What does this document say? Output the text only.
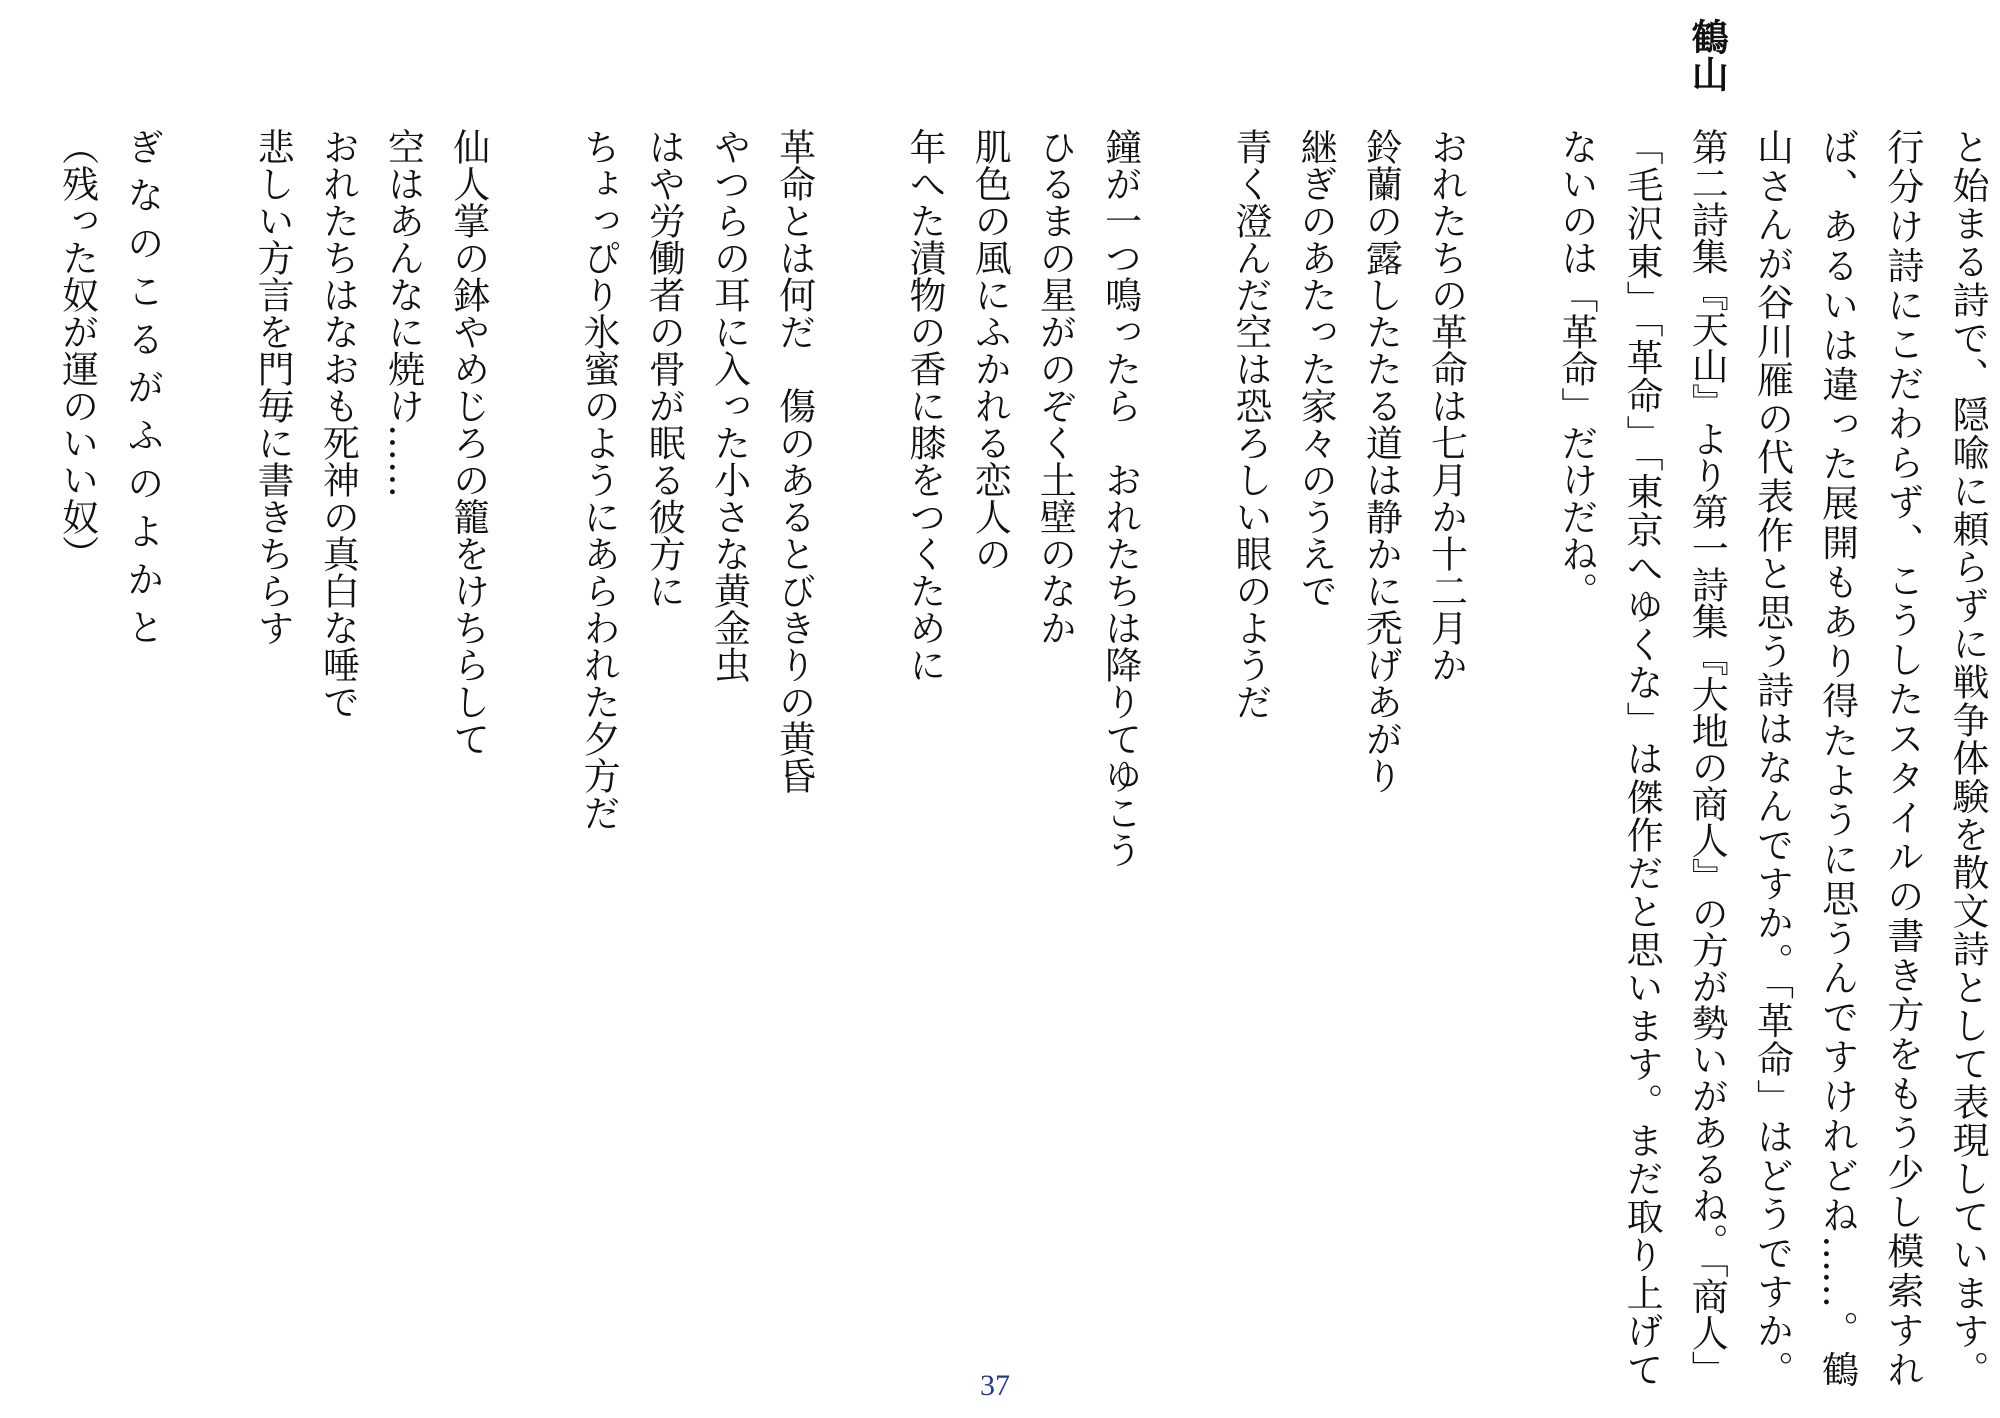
鶴山
と始まる詩で、隠喩に頼らずに戦争体験を散文詩として表現しています。
行分け詩にこだわらず、こうしたスタイルの書き方をもう少し模索すれ
ば、あるいは違った展開もあり得たように思うんですけれどね……。鶴
山さんが谷川雁の代表作と思う詩はなんですか。「革命」はどうですか。
第二詩集『天山』より第一詩集『大地の商人』の方が勢いがあるね。「商人」
「毛沢東」「革命」「東京へゆくな」は傑作だと思います。まだ取り上げて
ないのは「革命」だけだね。
おれたちの革命は七月か十二月か
鈴蘭の露したたる道は静かに禿げあがり
継ぎのあたった家々のうえで
青く澄んだ空は恐ろしい眼のようだ
鐘が一つ鳴ったら　おれたちは降りてゆこう
ひるまの星がのぞく土壁のなか
肌色の風にふかれる恋人の
年へた漬物の香に膝をつくために
革命とは何だ　傷のあるとびきりの黄昏
やつらの耳に入った小さな黄金虫
はや労働者の骨が眠る彼方に
ちょっぴり氷蜜のようにあらわれた夕方だ
仙人掌の鉢やめじろの籠をけちらして
空はあんなに焼け……
おれたちはなおも死神の真白な唾で
悲しい方言を門毎に書きちらす
ぎなのこるがふのよかと
（残った奴が運のいい奴）
37
